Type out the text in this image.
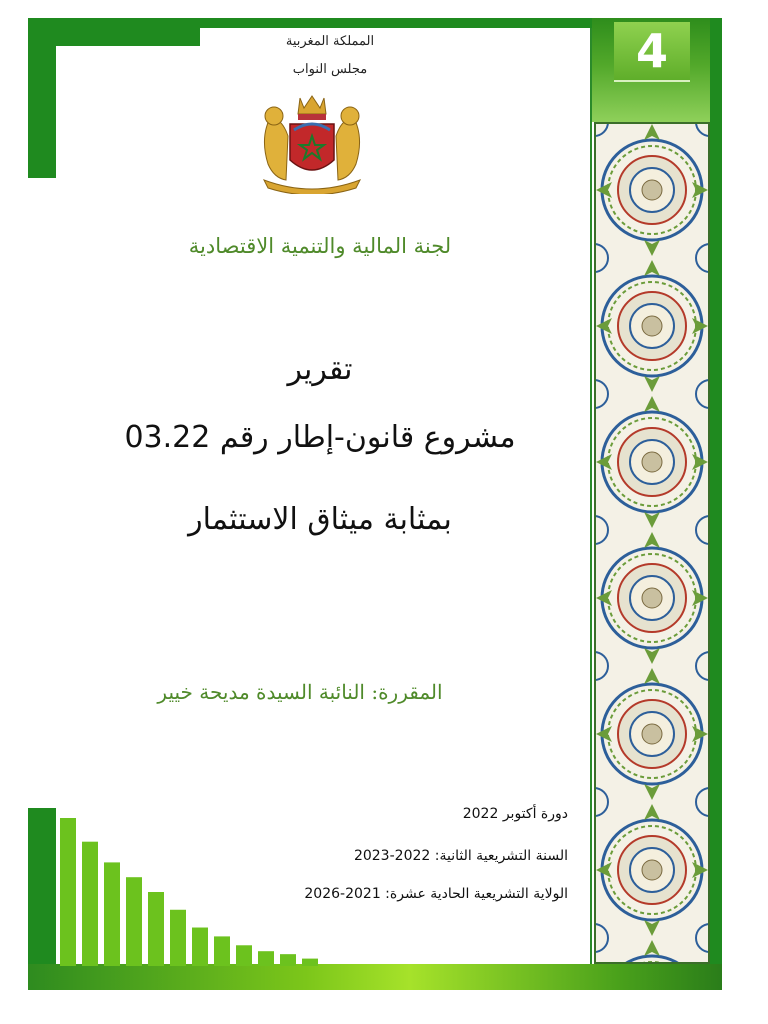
4
المملكة المغربية
مجلس النواب
لجنة المالية والتنمية الاقتصادية
تقرير
مشروع قانون-إطار رقم 03.22
بمثابة ميثاق الاستثمار
المقررة: النائبة السيدة مديحة خيير
دورة أكتوبر 2022
السنة التشريعية الثانية: 2022-2023
الولاية التشريعية الحادية عشرة: 2021-2026
